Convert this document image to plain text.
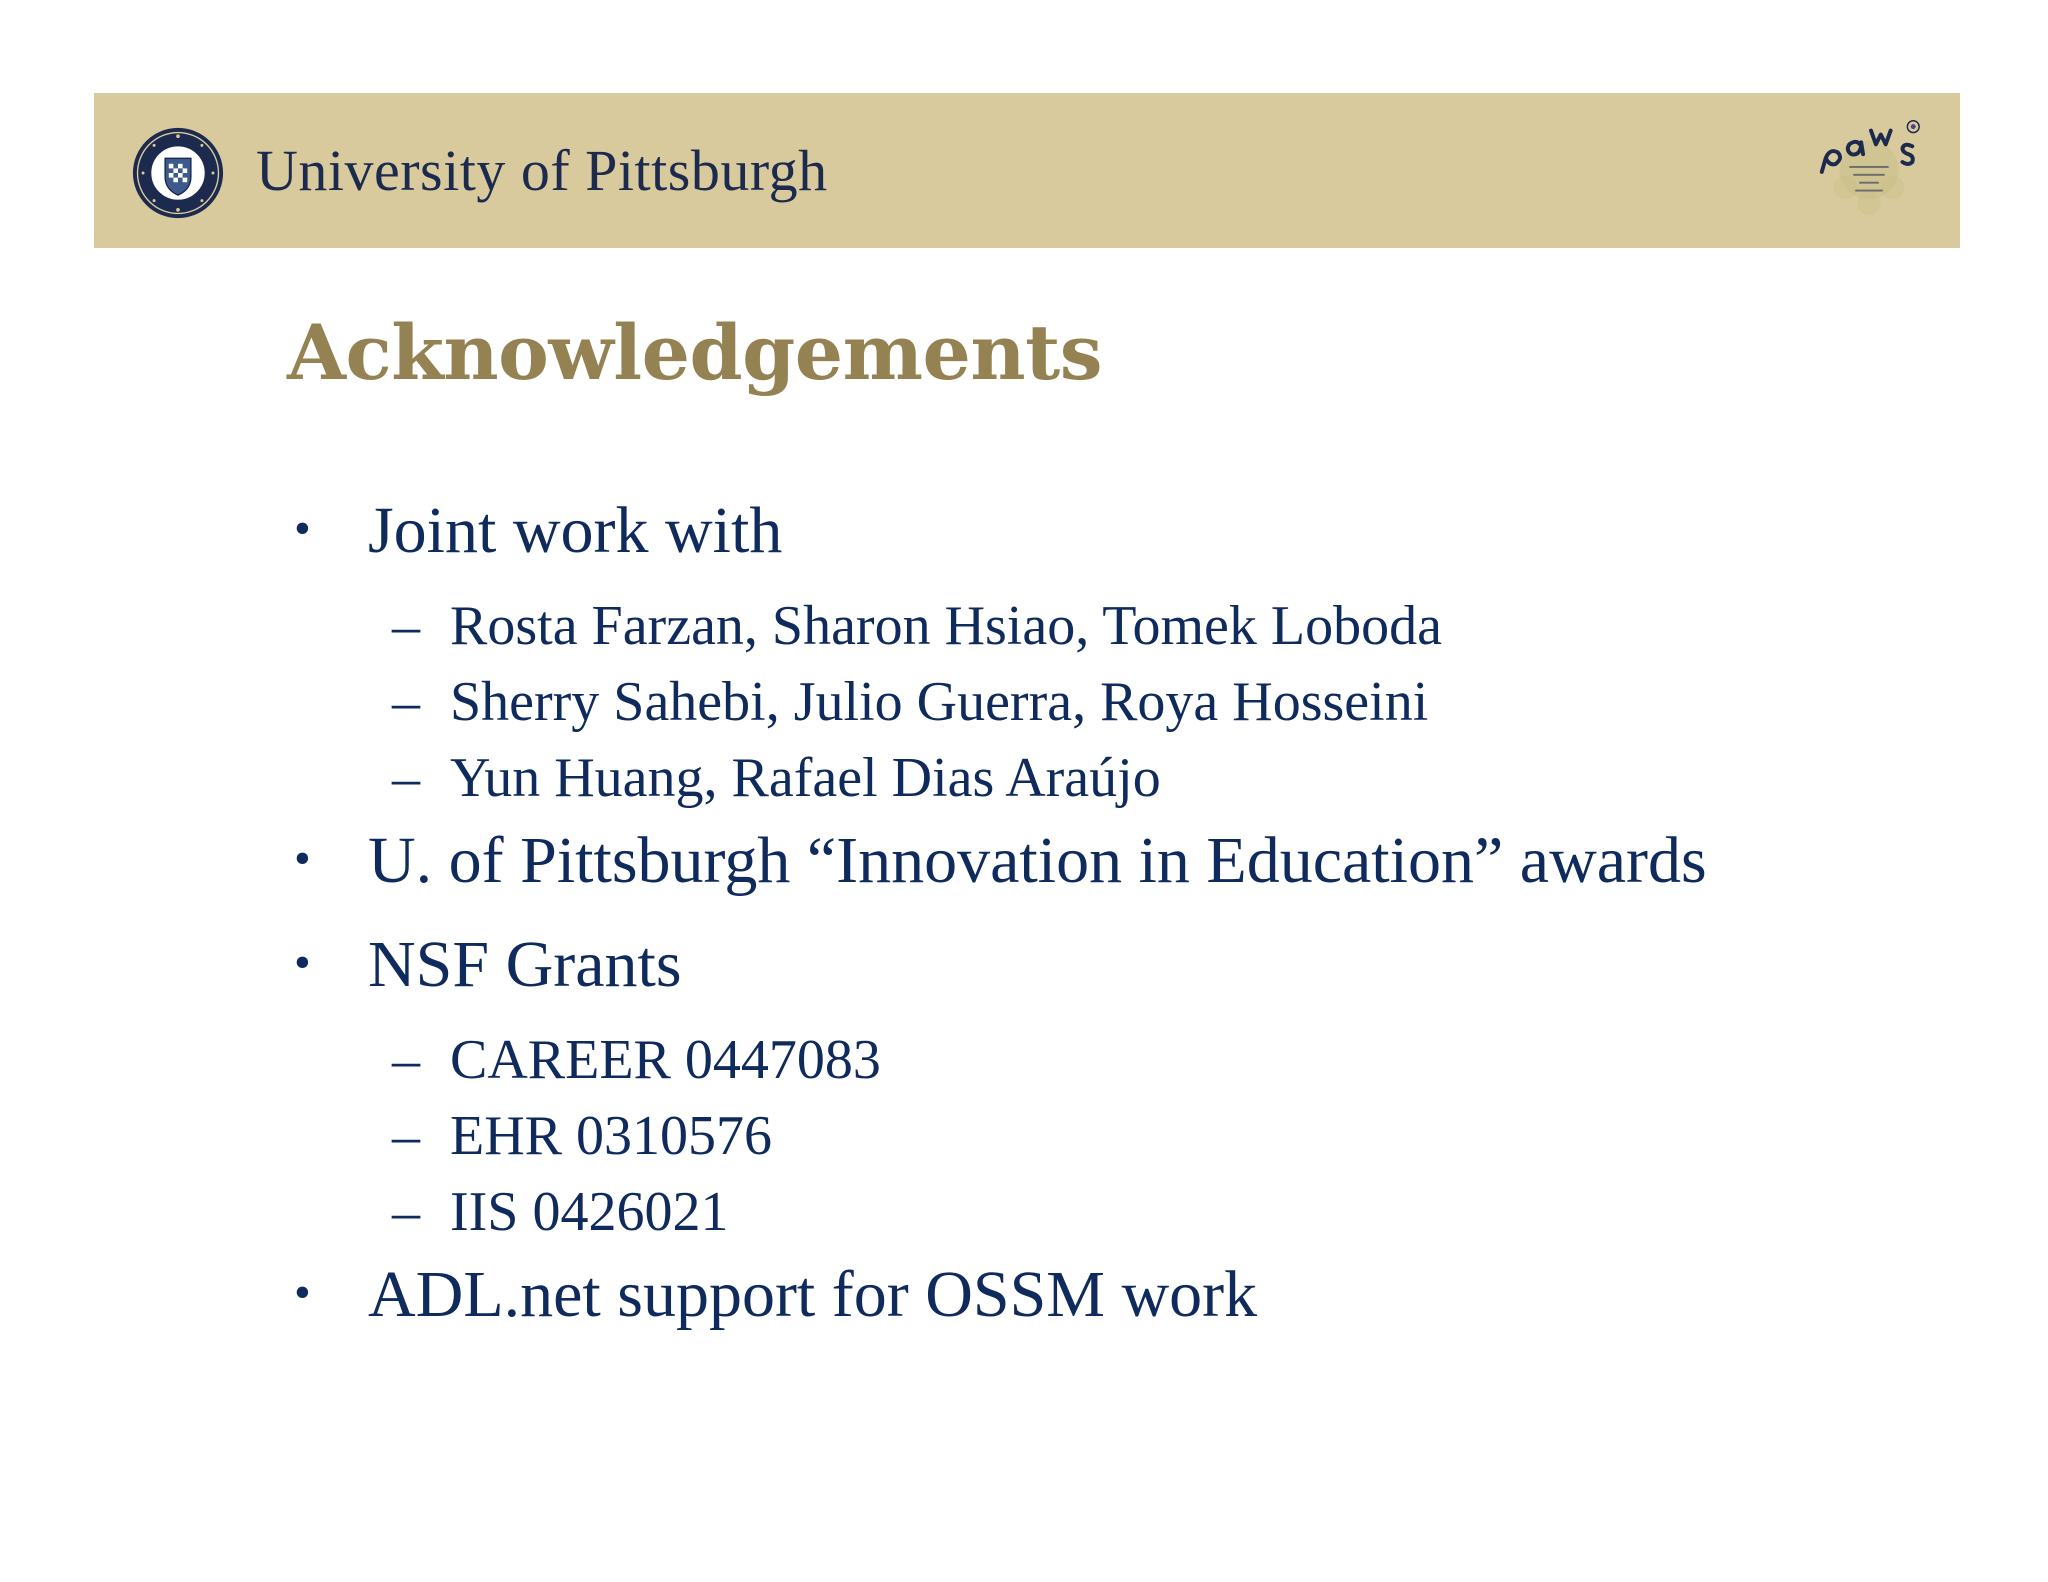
University of Pittsburgh
Acknowledgements
• Joint work with
– Rosta Farzan, Sharon Hsiao, Tomek Loboda
– Sherry Sahebi, Julio Guerra, Roya Hosseini
– Yun Huang, Rafael Dias Araújo
• U. of Pittsburgh “Innovation in Education” awards
• NSF Grants
– CAREER 0447083
– EHR 0310576
– IIS 0426021
• ADL.net support for OSSM work
